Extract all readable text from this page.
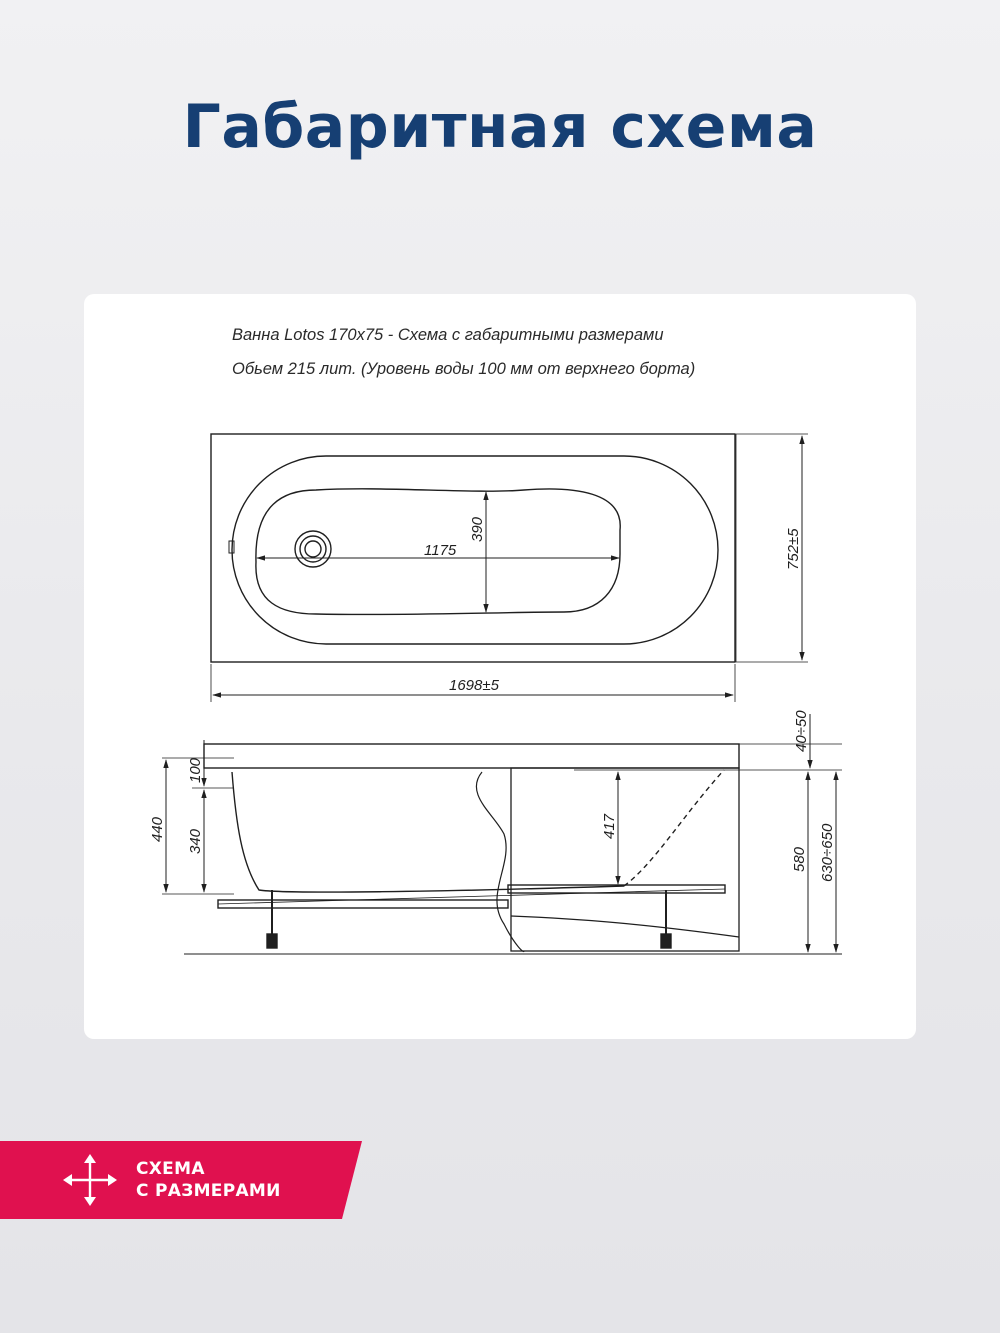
Габаритная схема

Ванна Lotos 170x75 - Схема с габаритными размерами

Обьем 215 лит. (Уровень воды 100 мм от верхнего борта)

1175
390	752±5
1698±5
40÷50
440
100
340
417
580 630÷650

СХЕМА
С РАЗМЕРАМИ
